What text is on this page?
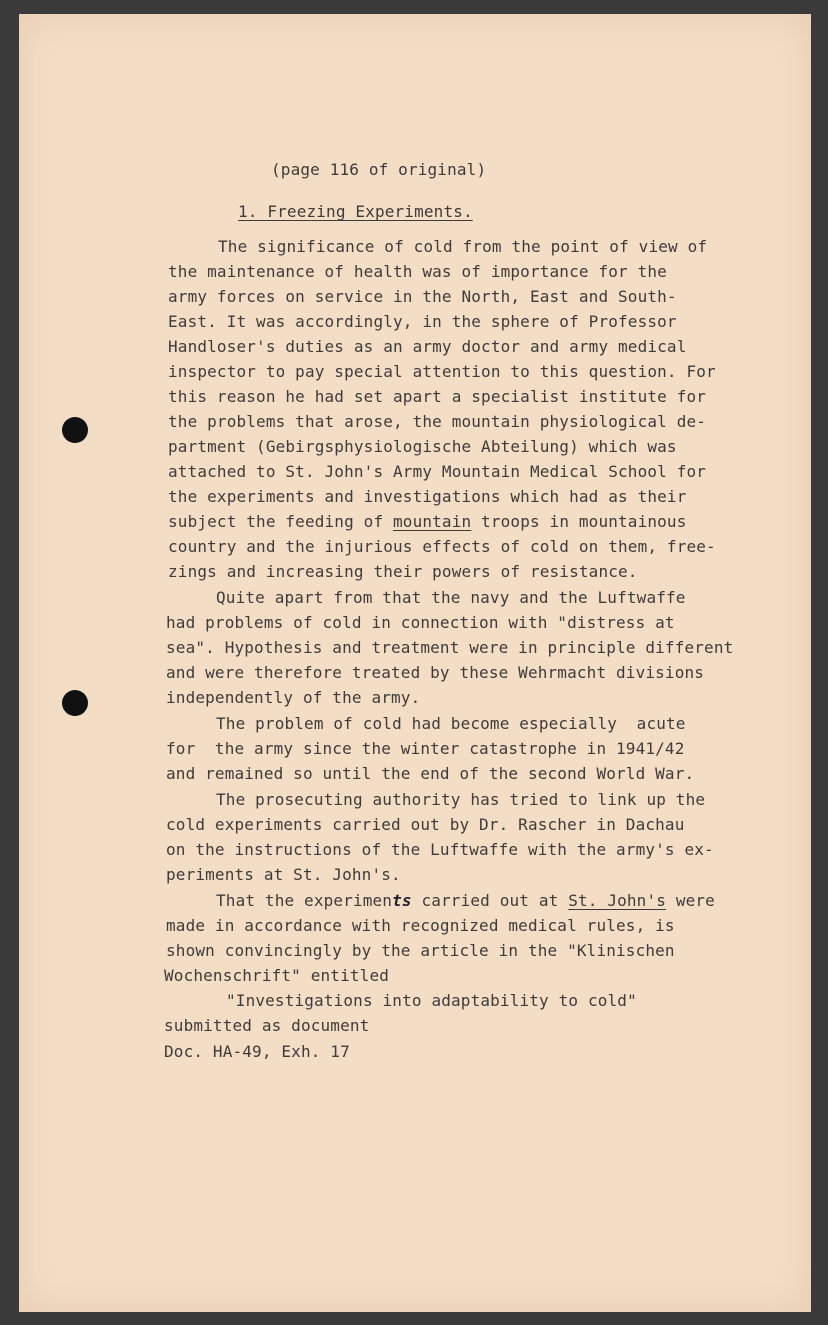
(page 116 of original)
1. Freezing Experiments.
The significance of cold from the point of view of
the maintenance of health was of importance for the
army forces on service in the North, East and South-
East. It was accordingly, in the sphere of Professor
Handloser's duties as an army doctor and army medical
inspector to pay special attention to this question. For
this reason he had set apart a specialist institute for
the problems that arose, the mountain physiological de-
partment (Gebirgsphysiologische Abteilung) which was
attached to St. John's Army Mountain Medical School for
the experiments and investigations which had as their
subject the feeding of mountain troops in mountainous
country and the injurious effects of cold on them, free-
zings and increasing their powers of resistance.
Quite apart from that the navy and the Luftwaffe
had problems of cold in connection with "distress at
sea". Hypothesis and treatment were in principle different
and were therefore treated by these Wehrmacht divisions
independently of the army.
The problem of cold had become especially  acute
for  the army since the winter catastrophe in 1941/42
and remained so until the end of the second World War.
The prosecuting authority has tried to link up the
cold experiments carried out by Dr. Rascher in Dachau
on the instructions of the Luftwaffe with the army's ex-
periments at St. John's.
That the experiments carried out at St. John's were
made in accordance with recognized medical rules, is
shown convincingly by the article in the "Klinischen
Wochenschrift" entitled
"Investigations into adaptability to cold"
submitted as document
Doc. HA-49, Exh. 17
